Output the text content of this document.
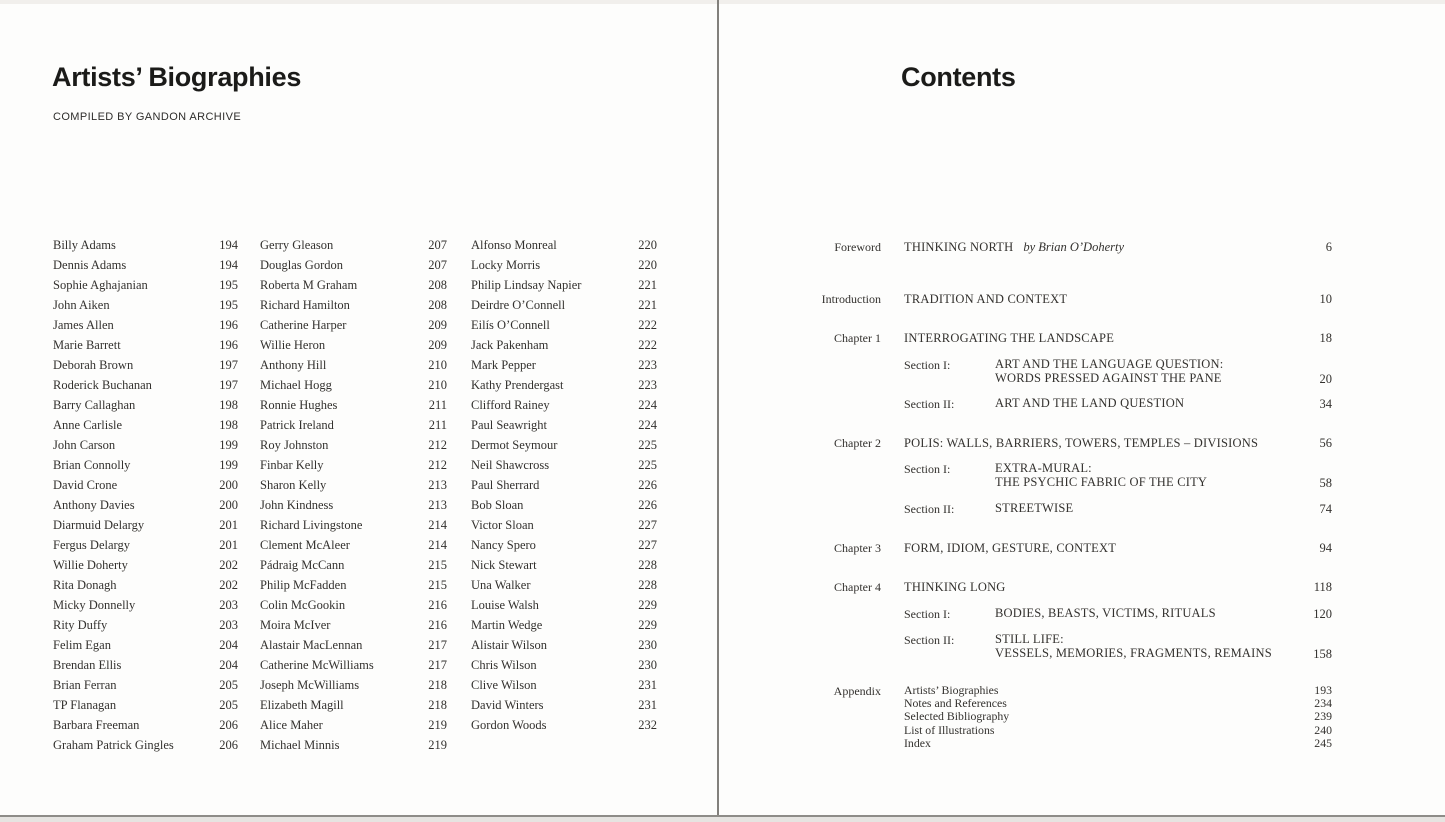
Artists’ Biographies
COMPILED BY GANDON ARCHIVE
Billy Adams	194
Dennis Adams	194
Sophie Aghajanian	195
John Aiken	195
James Allen	196
Marie Barrett	196
Deborah Brown	197
Roderick Buchanan	197
Barry Callaghan	198
Anne Carlisle	198
John Carson	199
Brian Connolly	199
David Crone	200
Anthony Davies	200
Diarmuid Delargy	201
Fergus Delargy	201
Willie Doherty	202
Rita Donagh	202
Micky Donnelly	203
Rity Duffy	203
Felim Egan	204
Brendan Ellis	204
Brian Ferran	205
TP Flanagan	205
Barbara Freeman	206
Graham Patrick Gingles	206
Gerry Gleason	207
Douglas Gordon	207
Roberta M Graham	208
Richard Hamilton	208
Catherine Harper	209
Willie Heron	209
Anthony Hill	210
Michael Hogg	210
Ronnie Hughes	211
Patrick Ireland	211
Roy Johnston	212
Finbar Kelly	212
Sharon Kelly	213
John Kindness	213
Richard Livingstone	214
Clement McAleer	214
Pádraig McCann	215
Philip McFadden	215
Colin McGookin	216
Moira McIver	216
Alastair MacLennan	217
Catherine McWilliams	217
Joseph McWilliams	218
Elizabeth Magill	218
Alice Maher	219
Michael Minnis	219
Alfonso Monreal	220
Locky Morris	220
Philip Lindsay Napier	221
Deirdre O’Connell	221
Eilís O’Connell	222
Jack Pakenham	222
Mark Pepper	223
Kathy Prendergast	223
Clifford Rainey	224
Paul Seawright	224
Dermot Seymour	225
Neil Shawcross	225
Paul Sherrard	226
Bob Sloan	226
Victor Sloan	227
Nancy Spero	227
Nick Stewart	228
Una Walker	228
Louise Walsh	229
Martin Wedge	229
Alistair Wilson	230
Chris Wilson	230
Clive Wilson	231
David Winters	231
Gordon Woods	232
Contents
Foreword THINKING NORTH by Brian O’Doherty	6
Introduction TRADITION AND CONTEXT	10
Chapter 1 INTERROGATING THE LANDSCAPE	18
Section I:	ART AND THE LANGUAGE QUESTION:
WORDS PRESSED AGAINST THE PANE	20
Section II:	ART AND THE LAND QUESTION	34
Chapter 2 POLIS: WALLS, BARRIERS, TOWERS, TEMPLES – DIVISIONS	56
Section I:	EXTRA-MURAL:
THE PSYCHIC FABRIC OF THE CITY	58
Section II:	STREETWISE	74
Chapter 3 FORM, IDIOM, GESTURE, CONTEXT	94
Chapter 4 THINKING LONG	118
Section I:	BODIES, BEASTS, VICTIMS, RITUALS	120
Section II:	STILL LIFE:
VESSELS, MEMORIES, FRAGMENTS, REMAINS	158
Appendix Artists’ Biographies	193
Notes and References	234
Selected Bibliography	239
List of Illustrations	240
Index	245
